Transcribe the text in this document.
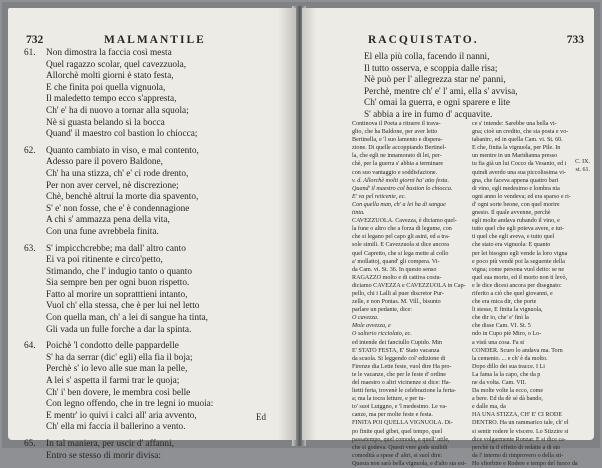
732	MALMANTILE
61. Non dimostra la faccia così mesta
Quel ragazzo scolar, quel cavezzuola,
Allorchè molti giorni è stato festa,
E che finita poi quella vignuola,
Il maledetto tempo ecco s'appresta,
Ch' e' ha di nuovo a tornar alla squola;
Nè si guasta belando sì la bocca
Quand' il maestro col bastion lo chiocca;
62. Quanto cambiato in viso, e mal contento,
Adesso pare il povero Baldone,
Ch' ha una stizza, ch' e' ci rode drento,
Per non aver cervel, nè discrezione;
Chè, benchè altrui la morte dia spavento,
S' e' non fosse, che e' è condennagione
A chi s' ammazza pena della vita,
Con una fune avrebbela finita.
63. S' impicchcrebbe; ma dall' altro canto
Ei va poi ritinente e circo'petto,
Stimando, che l' indugio tanto o quanto
Sia sempre ben per ogni buon rispetto.
Fatto al morire un sopratttieni intanto,
Vuol ch' ella stessa, che è per lui nel letto
Con quella man, ch' a lei di sangue ha tinta,
Gli vada un fulle forche a dar la spinta.
64. Poichè 'l condotto delle pappardelle
S' ha da serrar (dic' egli) ella fia il boja;
Perchè s' io levo alle sue man la pelle,
A lei s' aspetta il farmi trar le quoja;
Ch' i' ben dovere, le membra così belle
Con legno offendo, che in tre legni io muoia:
E mentr' io quivi i calci all' aria avvento,
Ch' ella mi faccia il ballerino a vento.
65. In tal maniera, per uscir d' affanni,
Entro se stesso di morir divisa:
Ed
RACQUISTATO.	733
El ella più colla, facendo il nanni,
Il tutto osserva, e scoppia dalle risa;
Nè può per l' allegrezza star ne' panni,
Perchè, mentre ch' e' l' ami, ella s' avvisa,
Ch' omai la guerra, e ogni sparere e lite
S' abbia a ire in fumo d' acquavite.
Continova il Poeta a ritrarre il trava-
glio, che ha Baldone, per aver letto
Bertinella, e 'l suo lamento e dispera-
zione. Di quelle accoppiando Bertinel-
la, che egli ne innamorato di lei, per-
chè, per la guerra s' abbia a terminare
con suo vantaggio e soddisfazione.
v. d. Allorchè molti giorni ha' atto festa.
Quand' il maestro col bastion lo chiocca.
E' va pel reticente, ec.
Con quella man, ch' a lei ha di sangue
tinta.
CAVEZZUOLA. Cavezza, è diciamo quel-
la fune o altro che a forza di legume, con
che si legano pel capo gli asini, ed a tra-
sole simili. E Cavezzuola si dice ancora
quel Capretto, che si lega mette al collo
a' mollattoj, quand' gli compera. Vi-
da Cam. vi. St. 36. In questo senso
RAGAZZO molto e di cattiva costu-
diciamo CAVEZZA e CAVEZZUOLA in Cap-
pello, chi i Lalli al puer discretor Pur-
zelle, e non Pontas. M. Vill., bisunto
parlare un pedante, dice:
O cavezza.
Mole avvezza, e
O salterio ricciolato, ec.
ed intende dei fanciullo Cupido. Min
E' STATO FESTA, E' Stato vacanza
da scuola. Si leggendo col' edizione di
Firenze dia Lette feste, vuol dire Ha pro-
te le vacanze, che per le feste d' ordine
del maestro o altri vicinenze si dice: Ha-
lietti ferta, trovenè le celebrazione la ferta-
a; ma la tocra letture, e per tu-
to' suoi Lutggno, e 'l medesimo. Le va-
canze, ma per molte feste e festa.
FINITA POI QUELLA VIGNUOLA. Di-
po finite quel gibet, quel tempo, quel
passatempo, quel comodo, e quell' utile,
che si godeva. Questi vere gods sinibili
comodità a spese d' altri, si suol dire:
Questa non sarà bella vignuola, e d'alto sia est-
ce s' intende: Sarebbe una bella vi-
gna; cioè un credito, che sia posta e vo-
tabanirc, ed in quella Cam. vi. St. 60.
E che, finita la vignuola, per Pile. In
un mentre in un Maridianna presso
tu fia già un lui Cocco da Vesanio, ed i
quindi averdo una sua piccolissima vi-
gna, che faceva appena quattro bari
di vino, egli medesimo e lombra nia
ogni anno lo vendeva; ed era sparso e ri-
d' ogni sorte beone, con quel morire
gnesio. Il quale avvenne, perchè
egli molte andava rubando il vino, e
tutto quel che egli poteva avere, e tut-
ti quel che egli aveva, e tutto quel
che stato era vignuola: E quanto
per lei bisogno egli vende la loro vigna
e poco più vendè poi la seguente della
vigna; come persona vuol detto: se ne
quel sua morto, ed il morto non ti levò,
e le dice dicesi ancora per disegnato:
riferito a ciò che quel giovanni, e
che era mica dir, che porte
li stesse, E finita la vignuola,
che dir io, che' e' finì la
che disse Cam. VI. St. 5
ndo in Cupo piè Miro, o Lo-
a vistì una cosa. Fa st
CONDER. Scuro lo andava ma. Torn
la cemento. ... e ch' è da molto.
Dopo dillo dei sua tracce. I Li
La fama la la capo, che da p
ne da volta. Cam. VII.
Da molte volte la ecco, come
a bere. Ed da dè sé dà bando,
e dalle ma, da
HA UNA STIZZA, CH' E' CI RODE
DENTRO. Ha un rammarico tale, ch' el
si sentir rodere le viscere. Lo Stizzire si
dice volgarmente Ronzar. E si dice ca-
perchè tu il effetto di redatte a di sto
da l' interno di rimprovero o della sti-
Ho sfiorbire e Rodere e tempo del fuoco da
C. IX.
st. 61.
